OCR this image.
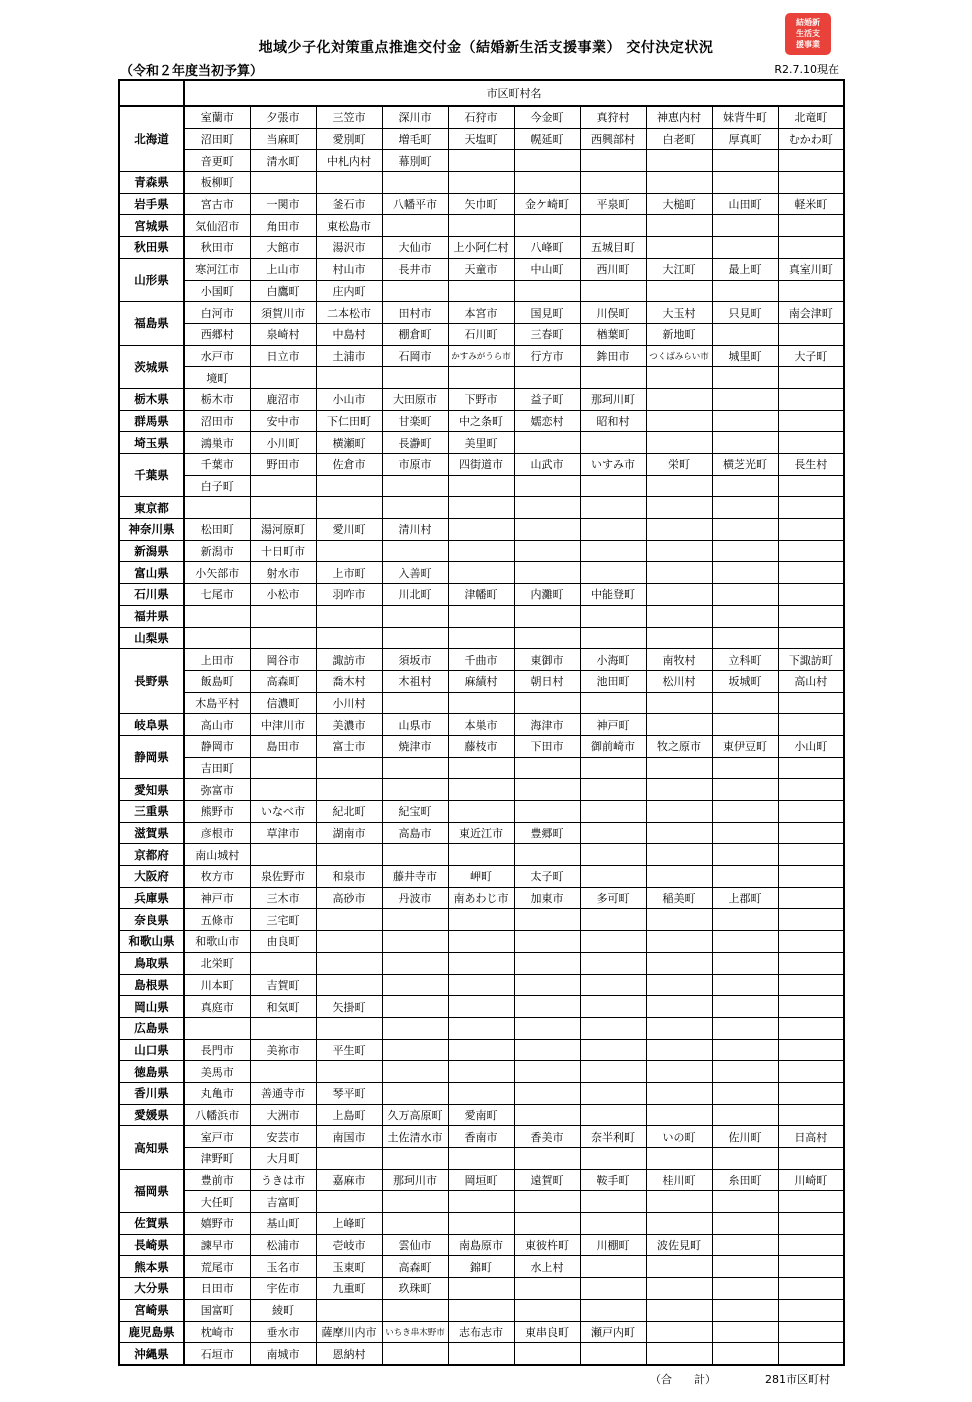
地域少子化対策重点推進交付金（結婚新生活支援事業） 交付決定状況
（令和２年度当初予算）	R2.7.10現在
結婚新
生活支
援事業
	市区町村名									
北海道	室蘭市	夕張市	三笠市	深川市	石狩市	今金町	真狩村	神恵内村	妹背牛町	北竜町
	沼田町	当麻町	愛別町	増毛町	天塩町	幌延町	西興部村	白老町	厚真町	むかわ町
	音更町	清水町	中札内村	幕別町						
青森県	板柳町									
岩手県	宮古市	一関市	釜石市	八幡平市	矢巾町	金ケ崎町	平泉町	大槌町	山田町	軽米町
宮城県	気仙沼市	角田市	東松島市							
秋田県	秋田市	大館市	湯沢市	大仙市	上小阿仁村	八峰町	五城目町			
山形県	寒河江市	上山市	村山市	長井市	天童市	中山町	西川町	大江町	最上町	真室川町
	小国町	白鷹町	庄内町							
福島県	白河市	須賀川市	二本松市	田村市	本宮市	国見町	川俣町	大玉村	只見町	南会津町
	西郷村	泉崎村	中島村	棚倉町	石川町	三春町	楢葉町	新地町		
茨城県	水戸市	日立市	土浦市	石岡市	かすみがうら市	行方市	鉾田市	つくばみらい市	城里町	大子町
	境町									
栃木県	栃木市	鹿沼市	小山市	大田原市	下野市	益子町	那珂川町			
群馬県	沼田市	安中市	下仁田町	甘楽町	中之条町	嬬恋村	昭和村			
埼玉県	鴻巣市	小川町	横瀬町	長瀞町	美里町					
千葉県	千葉市	野田市	佐倉市	市原市	四街道市	山武市	いすみ市	栄町	横芝光町	長生村
	白子町									
東京都										
神奈川県	松田町	湯河原町	愛川町	清川村						
新潟県	新潟市	十日町市								
富山県	小矢部市	射水市	上市町	入善町						
石川県	七尾市	小松市	羽咋市	川北町	津幡町	内灘町	中能登町			
福井県										
山梨県										
長野県	上田市	岡谷市	諏訪市	須坂市	千曲市	東御市	小海町	南牧村	立科町	下諏訪町
	飯島町	高森町	喬木村	木祖村	麻績村	朝日村	池田町	松川村	坂城町	高山村
	木島平村	信濃町	小川村							
岐阜県	高山市	中津川市	美濃市	山県市	本巣市	海津市	神戸町			
静岡県	静岡市	島田市	富士市	焼津市	藤枝市	下田市	御前崎市	牧之原市	東伊豆町	小山町
	吉田町									
愛知県	弥富市									
三重県	熊野市	いなべ市	紀北町	紀宝町						
滋賀県	彦根市	草津市	湖南市	高島市	東近江市	豊郷町				
京都府	南山城村									
大阪府	枚方市	泉佐野市	和泉市	藤井寺市	岬町	太子町				
兵庫県	神戸市	三木市	高砂市	丹波市	南あわじ市	加東市	多可町	稲美町	上郡町	
奈良県	五條市	三宅町								
和歌山県	和歌山市	由良町								
鳥取県	北栄町									
島根県	川本町	吉賀町								
岡山県	真庭市	和気町	矢掛町							
広島県										
山口県	長門市	美祢市	平生町							
徳島県	美馬市									
香川県	丸亀市	善通寺市	琴平町							
愛媛県	八幡浜市	大洲市	上島町	久万高原町	愛南町					
高知県	室戸市	安芸市	南国市	土佐清水市	香南市	香美市	奈半利町	いの町	佐川町	日高村
	津野町	大月町								
福岡県	豊前市	うきは市	嘉麻市	那珂川市	岡垣町	遠賀町	鞍手町	桂川町	糸田町	川崎町
	大任町	吉富町								
佐賀県	嬉野市	基山町	上峰町							
長崎県	諫早市	松浦市	壱岐市	雲仙市	南島原市	東彼杵町	川棚町	波佐見町		
熊本県	荒尾市	玉名市	玉東町	高森町	錦町	水上村				
大分県	日田市	宇佐市	九重町	玖珠町						
宮崎県	国富町	綾町								
鹿児島県	枕崎市	垂水市	薩摩川内市	いちき串木野市	志布志市	東串良町	瀬戸内町			
沖縄県	石垣市	南城市	恩納村							
（合　　計）	281市区町村
